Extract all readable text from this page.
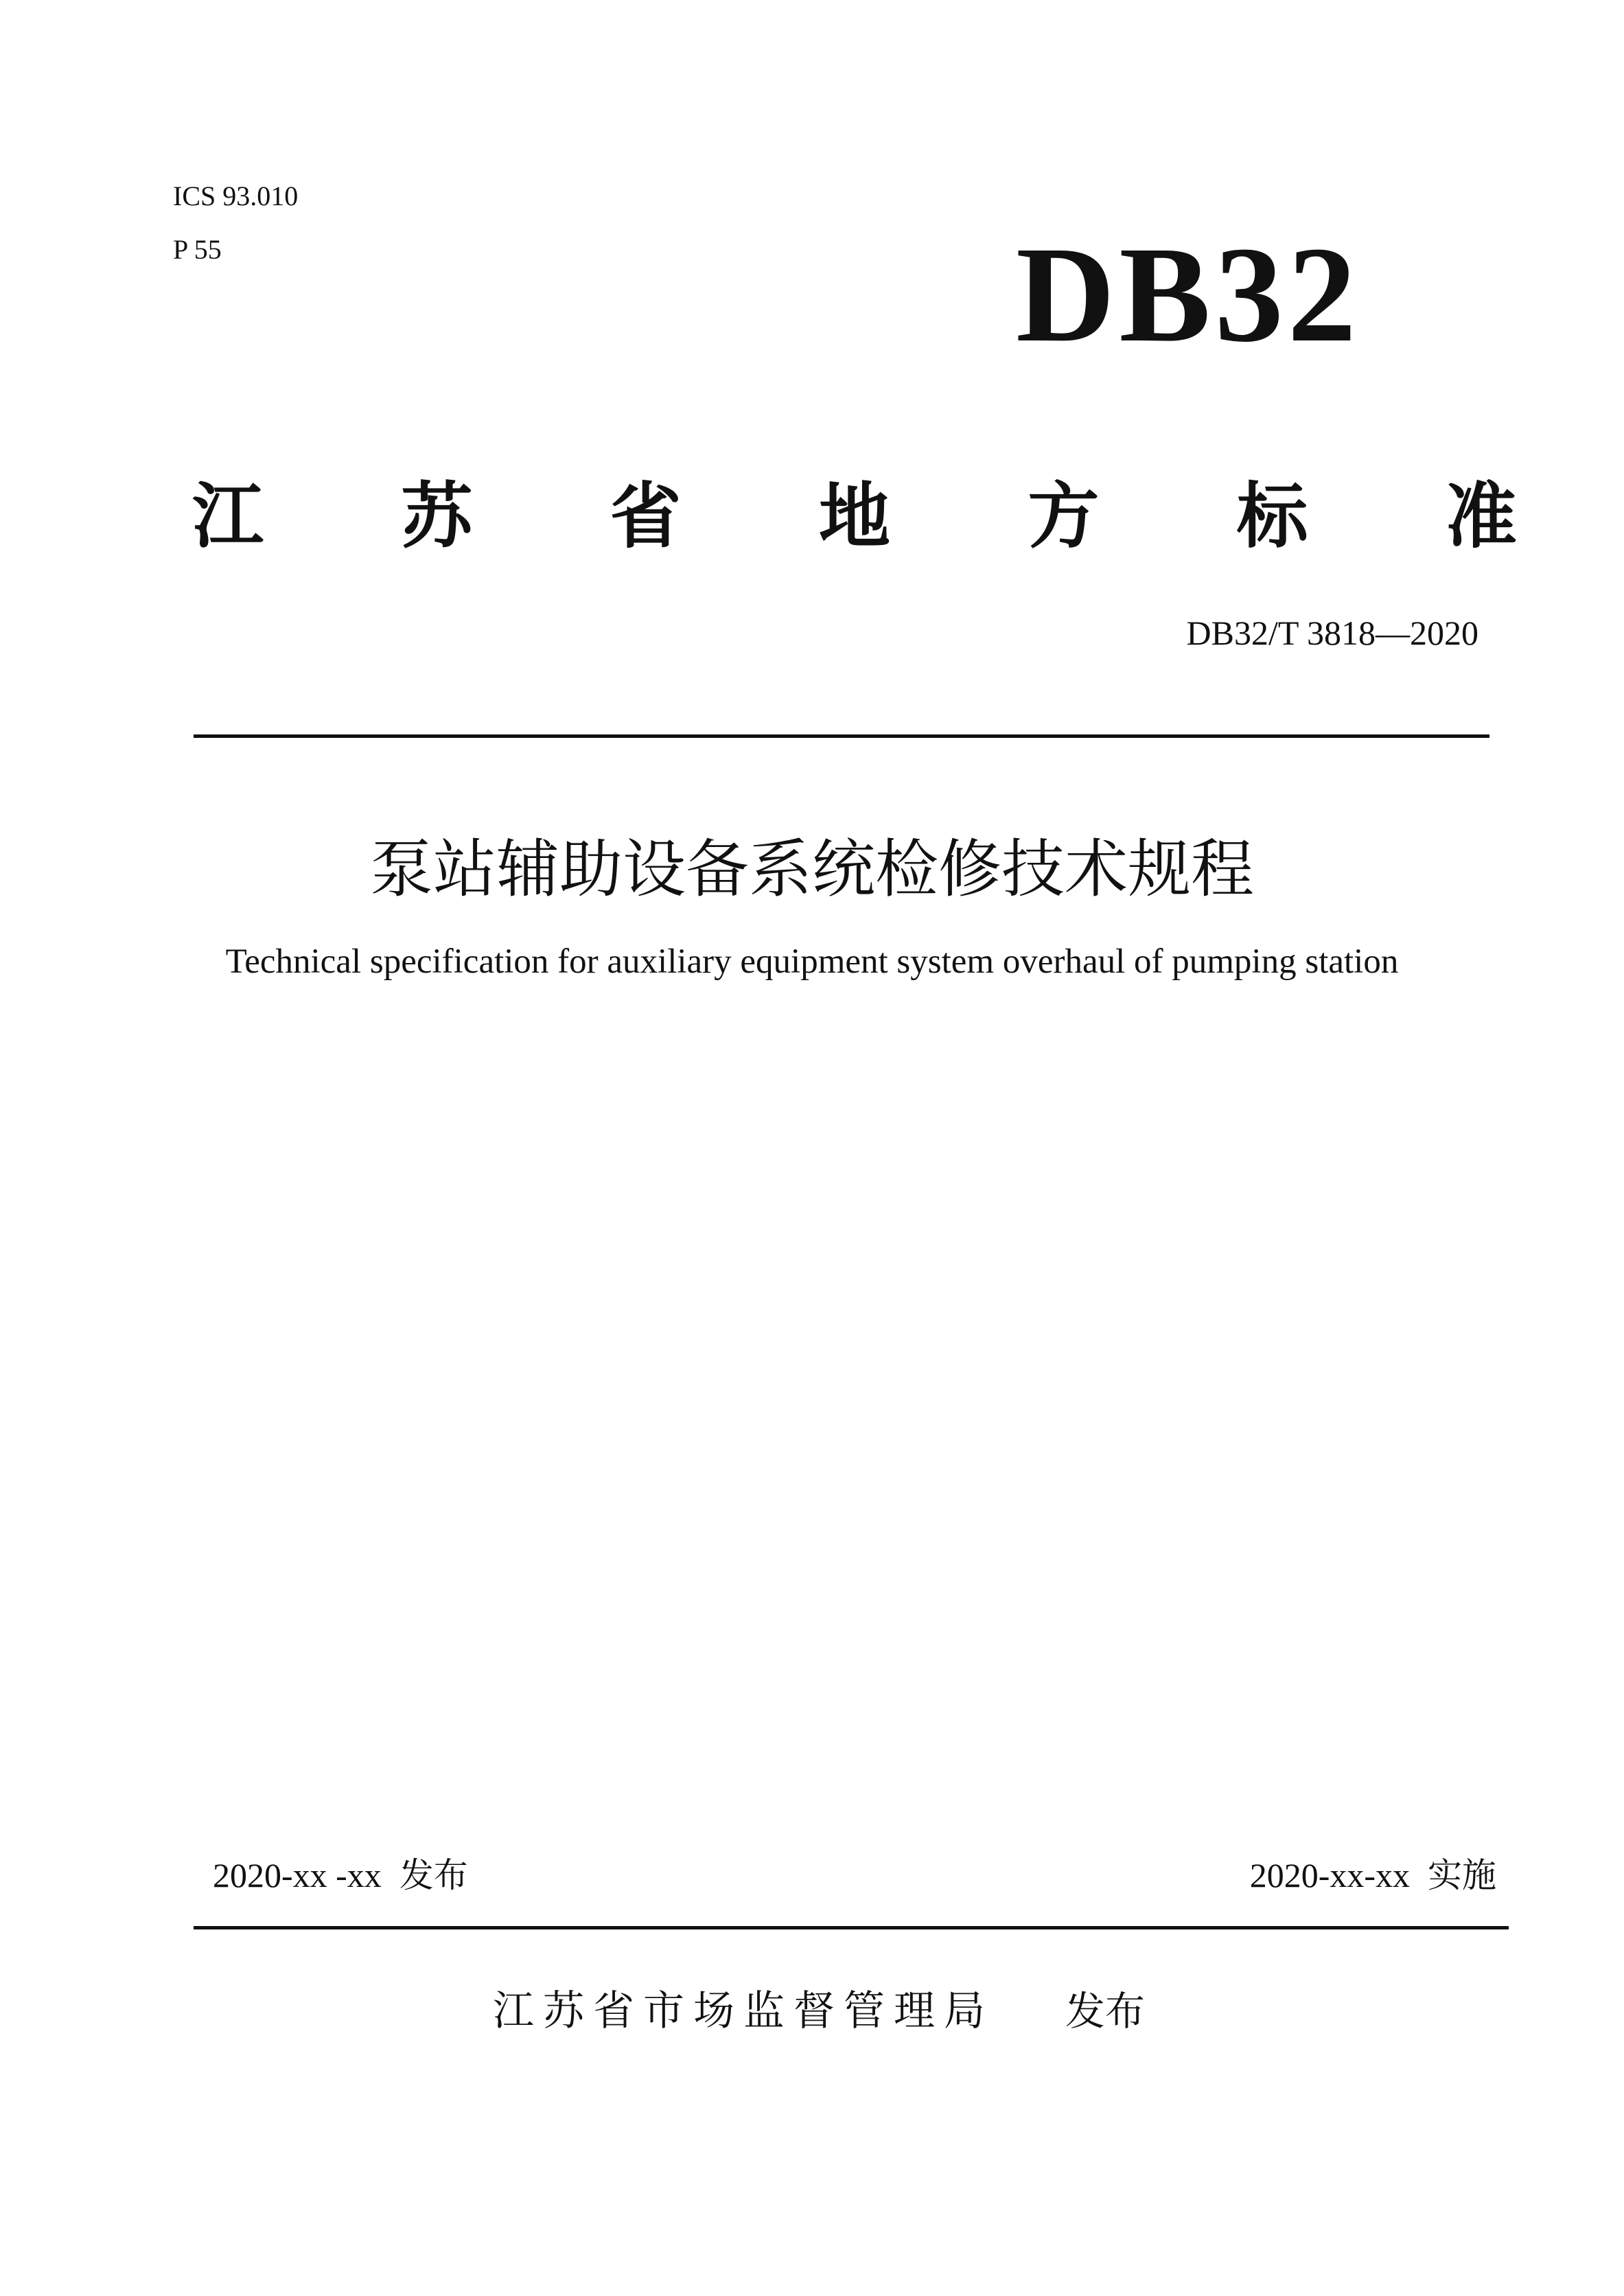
ICS 93.010
P 55	DB32
江 苏 省 地 方 标 准
DB32/T 3818—2020
泵站辅助设备系统检修技术规程
Technical specification for auxiliary equipment system overhaul of pumping station
2020-xx -xx 发布	2020-xx-xx 实施
江苏省市场监督管理局 发布
